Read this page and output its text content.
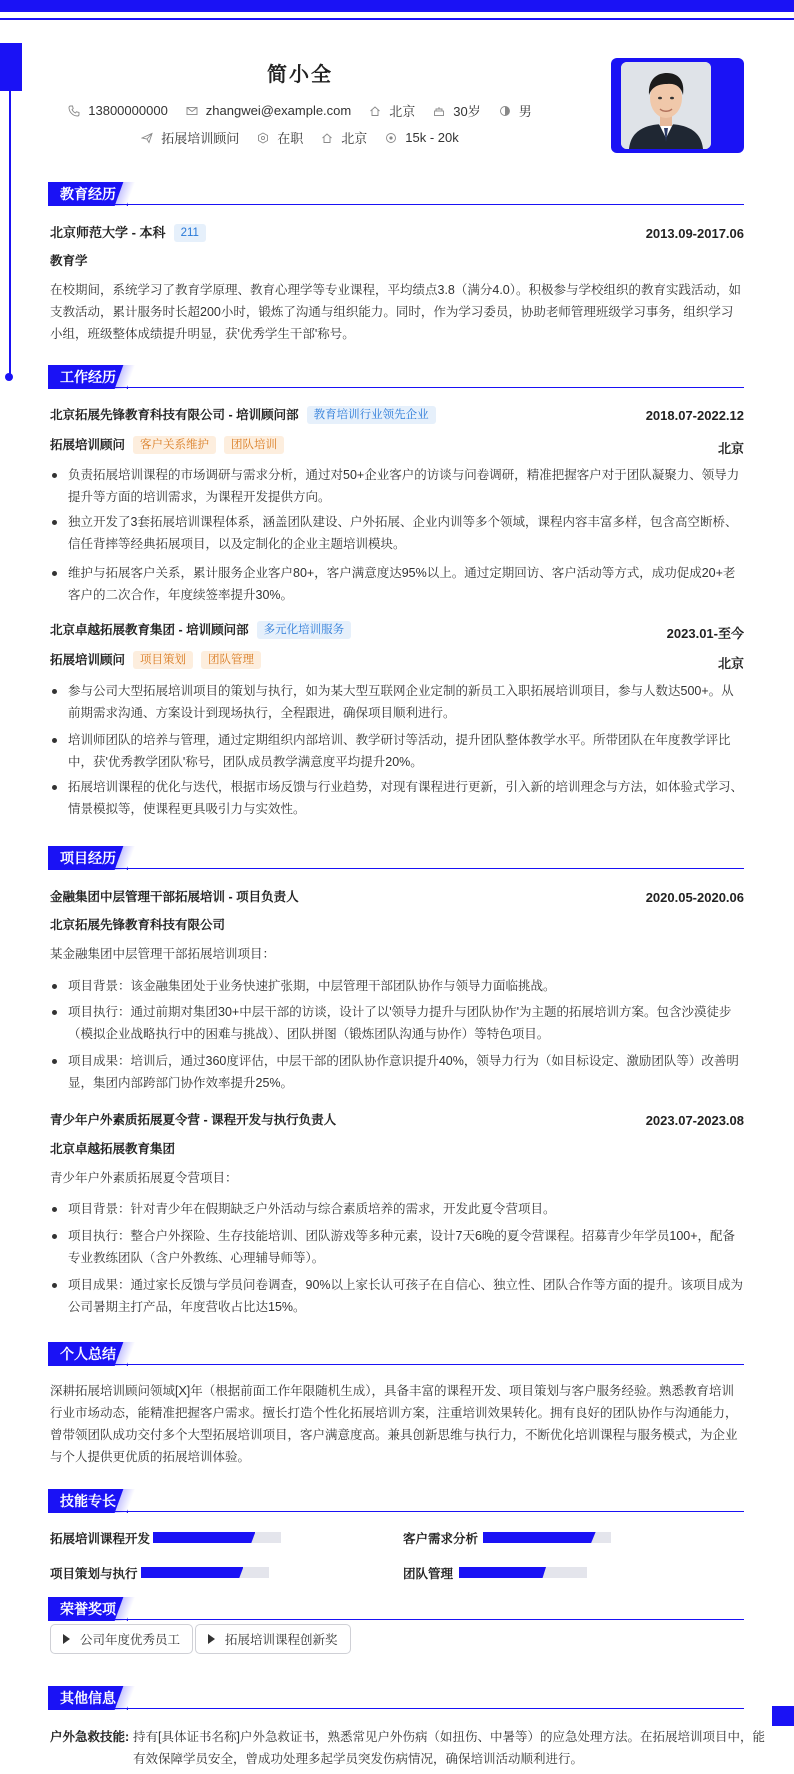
简小全
13800000000	zhangwei@example.com	北京	30岁	男
拓展培训顾问	在职	北京	15k - 20k
教育经历
北京师范大学 - 本科 211	2013.09-2017.06
教育学
在校期间，系统学习了教育学原理、教育心理学等专业课程，平均绩点3.8（满分4.0）。积极参与学校组织的教育实践活动，如支教活动，累计服务时长超200小时，锻炼了沟通与组织能力。同时，作为学习委员，协助老师管理班级学习事务，组织学习小组，班级整体成绩提升明显，获'优秀学生干部'称号。
工作经历
北京拓展先锋教育科技有限公司 - 培训顾问部 教育培训行业领先企业	2018.07-2022.12
拓展培训顾问 客户关系维护 团队培训	北京
负责拓展培训课程的市场调研与需求分析，通过对50+企业客户的访谈与问卷调研，精准把握客户对于团队凝聚力、领导力提升等方面的培训需求，为课程开发提供方向。
独立开发了3套拓展培训课程体系，涵盖团队建设、户外拓展、企业内训等多个领域，课程内容丰富多样，包含高空断桥、信任背摔等经典拓展项目，以及定制化的企业主题培训模块。
维护与拓展客户关系，累计服务企业客户80+，客户满意度达95%以上。通过定期回访、客户活动等方式，成功促成20+老客户的二次合作，年度续签率提升30%。
北京卓越拓展教育集团 - 培训顾问部 多元化培训服务	2023.01-至今
拓展培训顾问 项目策划 团队管理	北京
参与公司大型拓展培训项目的策划与执行，如为某大型互联网企业定制的新员工入职拓展培训项目，参与人数达500+。从前期需求沟通、方案设计到现场执行，全程跟进，确保项目顺利进行。
培训师团队的培养与管理，通过定期组织内部培训、教学研讨等活动，提升团队整体教学水平。所带团队在年度教学评比中，获'优秀教学团队'称号，团队成员教学满意度平均提升20%。
拓展培训课程的优化与迭代，根据市场反馈与行业趋势，对现有课程进行更新，引入新的培训理念与方法，如体验式学习、情景模拟等，使课程更具吸引力与实效性。
项目经历
金融集团中层管理干部拓展培训 - 项目负责人	2020.05-2020.06
北京拓展先锋教育科技有限公司
某金融集团中层管理干部拓展培训项目：
项目背景：该金融集团处于业务快速扩张期，中层管理干部团队协作与领导力面临挑战。
项目执行：通过前期对集团30+中层干部的访谈，设计了以'领导力提升与团队协作'为主题的拓展培训方案。包含沙漠徒步（模拟企业战略执行中的困难与挑战）、团队拼图（锻炼团队沟通与协作）等特色项目。
项目成果：培训后，通过360度评估，中层干部的团队协作意识提升40%，领导力行为（如目标设定、激励团队等）改善明显，集团内部跨部门协作效率提升25%。
青少年户外素质拓展夏令营 - 课程开发与执行负责人	2023.07-2023.08
北京卓越拓展教育集团
青少年户外素质拓展夏令营项目：
项目背景：针对青少年在假期缺乏户外活动与综合素质培养的需求，开发此夏令营项目。
项目执行：整合户外探险、生存技能培训、团队游戏等多种元素，设计7天6晚的夏令营课程。招募青少年学员100+，配备专业教练团队（含户外教练、心理辅导师等）。
项目成果：通过家长反馈与学员问卷调查，90%以上家长认可孩子在自信心、独立性、团队合作等方面的提升。该项目成为公司暑期主打产品，年度营收占比达15%。
个人总结
深耕拓展培训顾问领域[X]年（根据前面工作年限随机生成），具备丰富的课程开发、项目策划与客户服务经验。熟悉教育培训行业市场动态，能精准把握客户需求。擅长打造个性化拓展培训方案，注重培训效果转化。拥有良好的团队协作与沟通能力，曾带领团队成功交付多个大型拓展培训项目，客户满意度高。兼具创新思维与执行力，不断优化培训课程与服务模式，为企业与个人提供更优质的拓展培训体验。
技能专长
拓展培训课程开发	客户需求分析
项目策划与执行	团队管理
荣誉奖项
公司年度优秀员工	拓展培训课程创新奖
其他信息
户外急救技能: 持有[具体证书名称]户外急救证书，熟悉常见户外伤病（如扭伤、中暑等）的应急处理方法。在拓展培训项目中，能
有效保障学员安全，曾成功处理多起学员突发伤病情况，确保培训活动顺利进行。
